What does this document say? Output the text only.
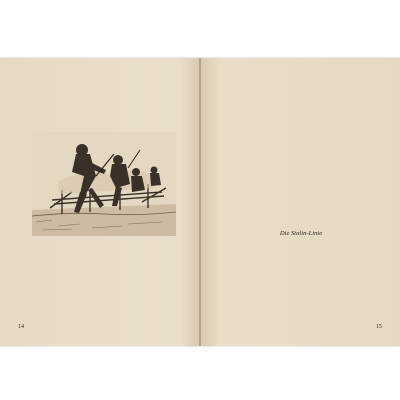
14
Die Stalin-Linie
15
